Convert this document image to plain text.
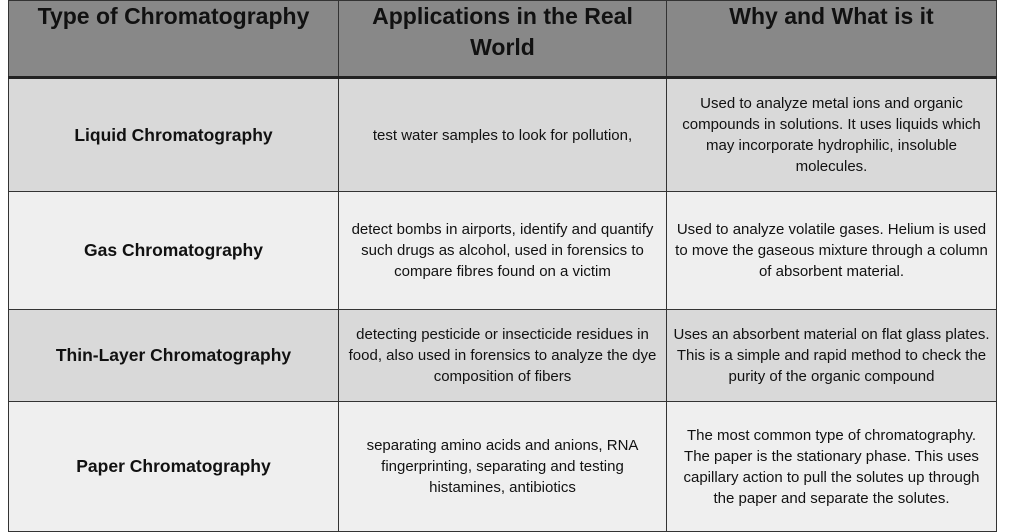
Type of Chromatography	Applications in the Real World	Why and What is it
Liquid Chromatography	test water samples to look for pollution,	Used to analyze metal ions and organic compounds in solutions. It uses liquids which may incorporate hydrophilic, insoluble molecules.
Gas Chromatography	detect bombs in airports, identify and quantify such drugs as alcohol, used in forensics to compare fibres found on a victim	Used to analyze volatile gases. Helium is used to move the gaseous mixture through a column of absorbent material.
Thin-Layer Chromatography	detecting pesticide or insecticide residues in food, also used in forensics to analyze the dye composition of fibers	Uses an absorbent material on flat glass plates. This is a simple and rapid method to check the purity of the organic compound
Paper Chromatography	separating amino acids and anions, RNA fingerprinting, separating and testing histamines, antibiotics	The most common type of chromatography. The paper is the stationary phase. This uses capillary action to pull the solutes up through the paper and separate the solutes.
